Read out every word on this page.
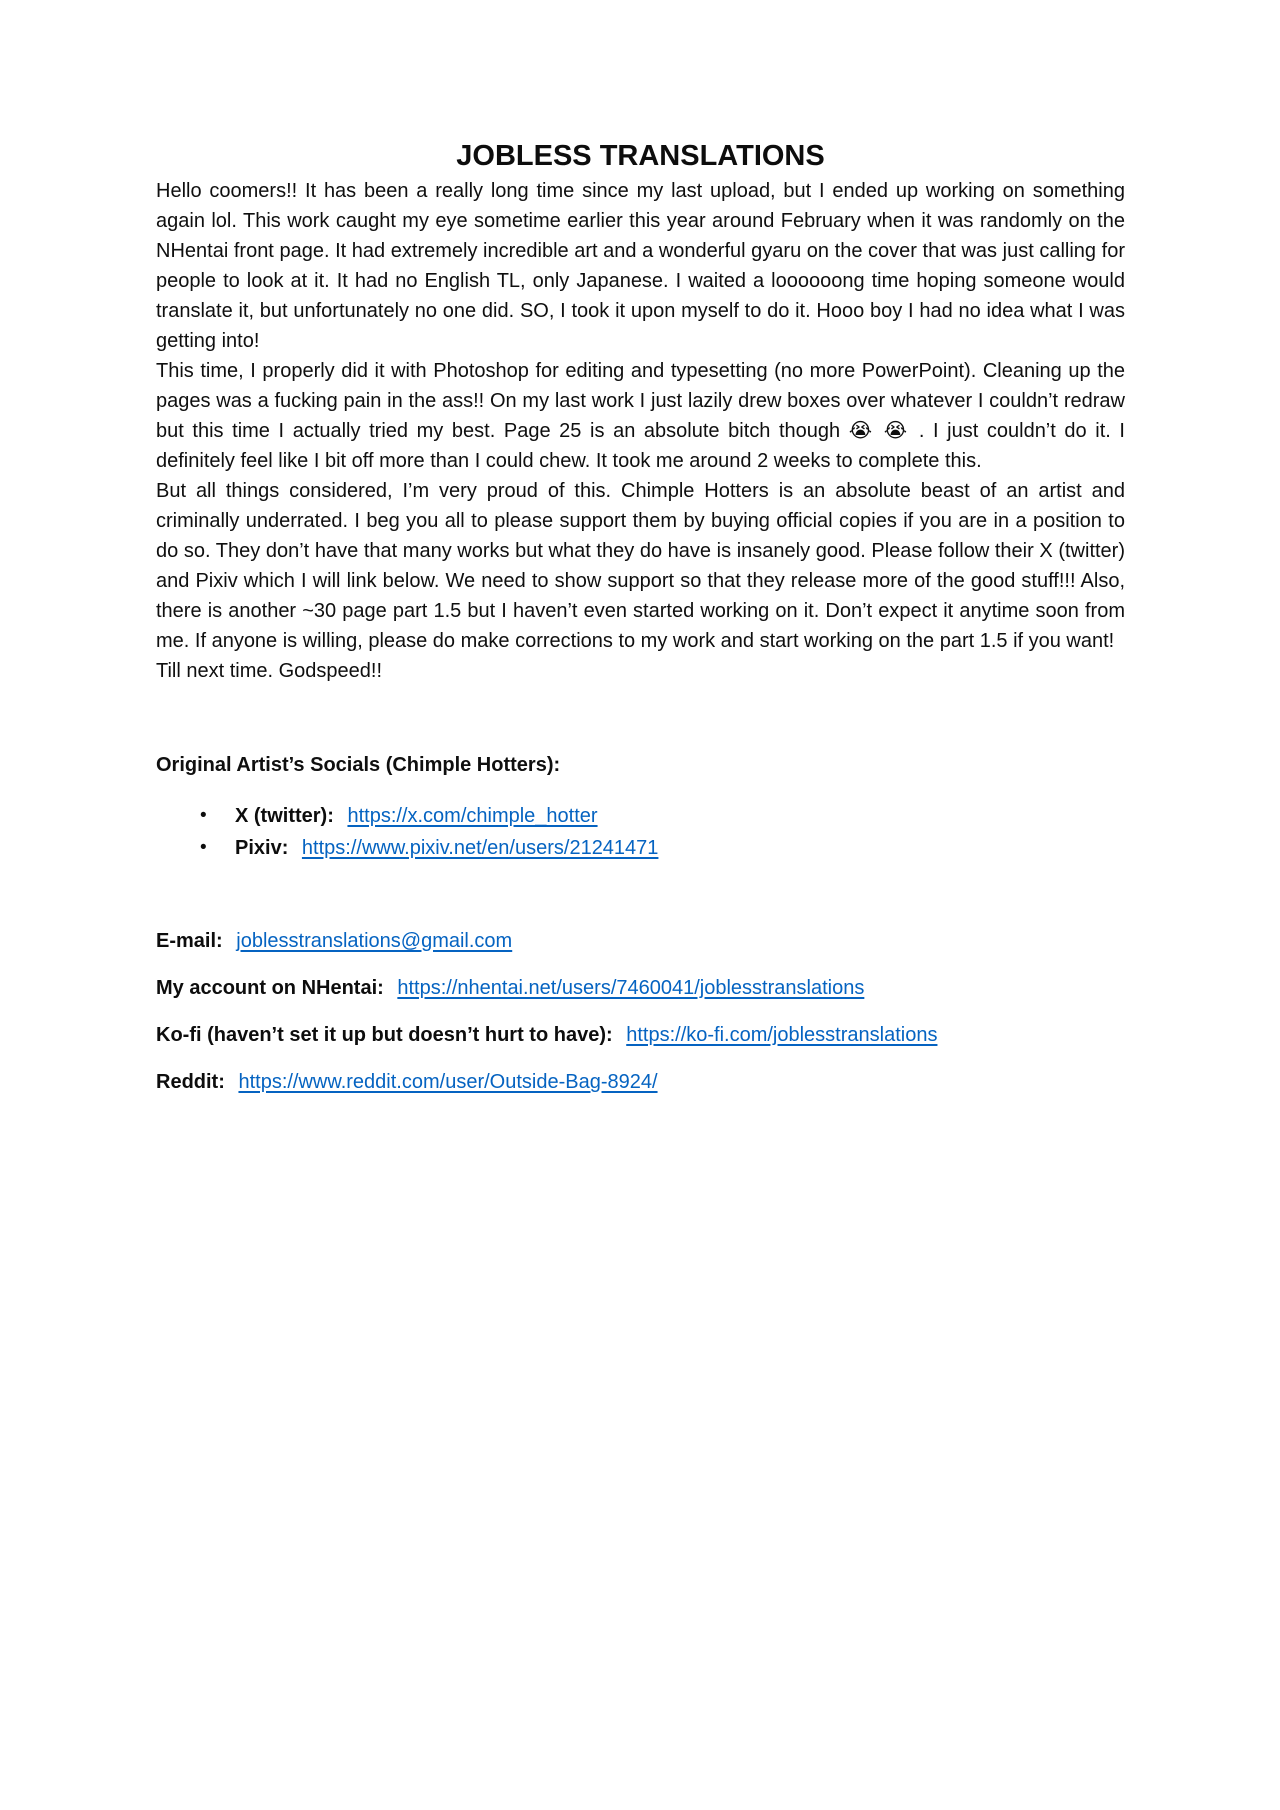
JOBLESS TRANSLATIONS

Hello coomers!! It has been a really long time since my last upload, but I ended up working on something again lol. This work caught my eye sometime earlier this year around February when it was randomly on the NHentai front page. It had extremely incredible art and a wonderful gyaru on the cover that was just calling for people to look at it. It had no English TL, only Japanese. I waited a loooooong time hoping someone would translate it, but unfortunately no one did. SO, I took it upon myself to do it. Hooo boy I had no idea what I was getting into!

This time, I properly did it with Photoshop for editing and typesetting (no more PowerPoint). Cleaning up the pages was a fucking pain in the ass!! On my last work I just lazily drew boxes over whatever I couldn’t redraw but this time I actually tried my best. Page 25 is an absolute bitch though 😭 😭 . I just couldn’t do it. I definitely feel like I bit off more than I could chew. It took me around 2 weeks to complete this.

But all things considered, I’m very proud of this. Chimple Hotters is an absolute beast of an artist and criminally underrated. I beg you all to please support them by buying official copies if you are in a position to do so. They don’t have that many works but what they do have is insanely good. Please follow their X (twitter) and Pixiv which I will link below. We need to show support so that they release more of the good stuff!!! Also, there is another ~30 page part 1.5 but I haven’t even started working on it. Don’t expect it anytime soon from me. If anyone is willing, please do make corrections to my work and start working on the part 1.5 if you want!

Till next time. Godspeed!!

Original Artist’s Socials (Chimple Hotters):

• X (twitter): https://x.com/chimple_hotter
• Pixiv: https://www.pixiv.net/en/users/21241471

E-mail: joblesstranslations@gmail.com

My account on NHentai: https://nhentai.net/users/7460041/joblesstranslations

Ko-fi (haven’t set it up but doesn’t hurt to have): https://ko-fi.com/joblesstranslations

Reddit: https://www.reddit.com/user/Outside-Bag-8924/
